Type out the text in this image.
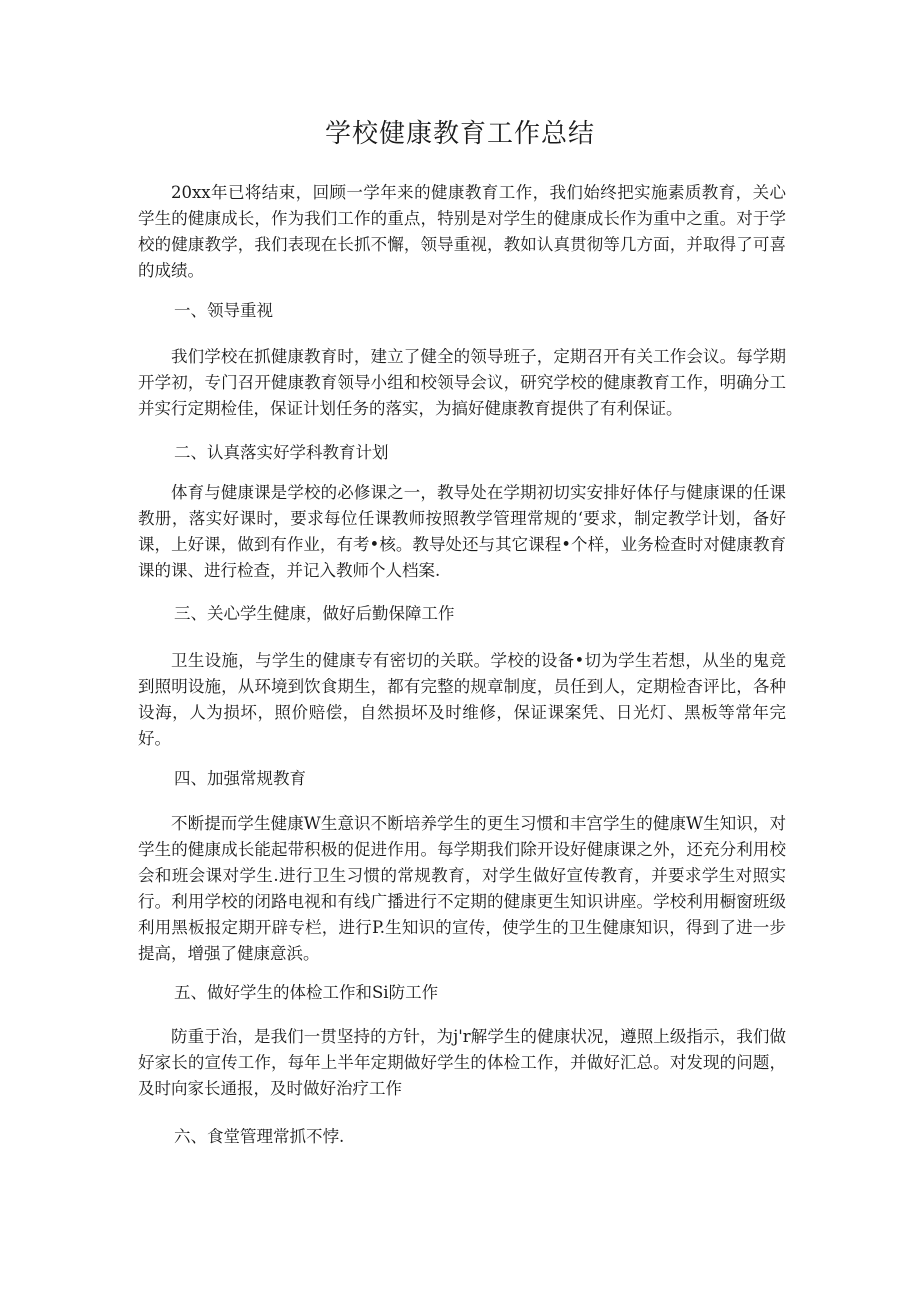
学校健康教育工作总结

20xx年已将结束，回顾一学年来的健康教育工作，我们始终把实施素质教育，关心学生的健康成长，作为我们工作的重点，特别是对学生的健康成长作为重中之重。对于学校的健康教学，我们表现在长抓不懈，领导重视，教如认真贯彻等几方面，并取得了可喜的成绩。

一、领导重视

我们学校在抓健康教育时，建立了健全的领导班子，定期召开有关工作会议。每学期开学初，专门召开健康教育领导小组和校领导会议，研究学校的健康教育工作，明确分工并实行定期检佳，保证计划任务的落实，为搞好健康教育提供了有利保证。

二、认真落实好学科教育计划

体育与健康课是学校的必修课之一，教导处在学期初切实安排好体仔与健康课的任课教册，落实好课时，要求每位任课教师按照教学管理常规的‘要求，制定教学计划，备好课，上好课，做到有作业，有考•核。教导处还与其它课程•个样，业务检查时对健康教育课的课、进行检查，并记入教师个人档案.

三、关心学生健康，做好后勤保障工作

卫生设施，与学生的健康专有密切的关联。学校的设备•切为学生若想，从坐的鬼竞到照明设施，从环境到饮食期生，都有完整的规章制度，员任到人，定期检杳评比，各种设海，人为损坏，照价赔偿，自然损坏及时维修，保证课案凭、日光灯、黑板等常年完好。

四、加强常规教育

不断提而学生健康W生意识不断培养学生的更生习惯和丰宫学生的健康W生知识，对学生的健康成长能起带积极的促进作用。每学期我们除开设好健康课之外，还充分利用校会和班会课对学生.进行卫生习惯的常规教育，对学生做好宣传教育，并要求学生对照实行。利用学校的闭路电视和有线广播进行不定期的健康更生知识讲座。学校利用橱窗班级利用黑板报定期开辟专栏，进行P.生知识的宣传，使学生的卫生健康知识，得到了进一步提高，增强了健康意浜。

五、做好学生的体检工作和Si防工作

防重于治，是我们一贯坚持的方针，为j'r解学生的健康状况，遵照上级指示，我们做好家长的宣传工作，每年上半年定期做好学生的体检工作，并做好汇总。对发现的问题，及时向家长通报，及时做好治疗工作

六、食堂管理常抓不悖.
